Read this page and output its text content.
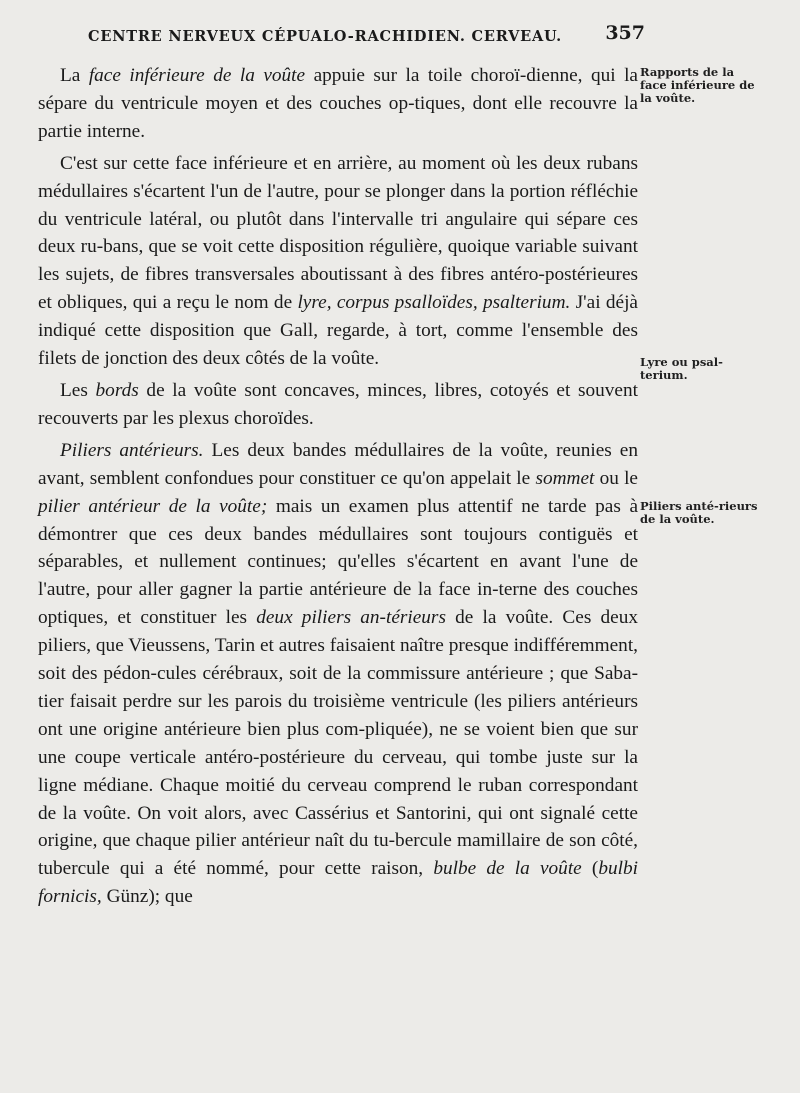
CENTRE NERVEUX CÉPUALO-RACHIDIEN. CERVEAU. 357

La face inférieure de la voûte appuie sur la toile choroï-dienne, qui la sépare du ventricule moyen et des couches op-tiques, dont elle recouvre la partie interne.

C'est sur cette face inférieure et en arrière, au moment où les deux rubans médullaires s'écartent l'un de l'autre, pour se plonger dans la portion réfléchie du ventricule latéral, ou plutôt dans l'intervalle tri angulaire qui sépare ces deux ru-bans, que se voit cette disposition régulière, quoique variable suivant les sujets, de fibres transversales aboutissant à des fibres antéro-postérieures et obliques, qui a reçu le nom de lyre, corpus psalloïdes, psalterium. J'ai déjà indiqué cette disposition que Gall, regarde, à tort, comme l'ensemble des filets de jonction des deux côtés de la voûte.

Les bords de la voûte sont concaves, minces, libres, cotoyés et souvent recouverts par les plexus choroïdes.

Piliers antérieurs. Les deux bandes médullaires de la voûte, reunies en avant, semblent confondues pour constituer ce qu'on appelait le sommet ou le pilier antérieur de la voûte; mais un examen plus attentif ne tarde pas à démontrer que ces deux bandes médullaires sont toujours contiguës et séparables, et nullement continues; qu'elles s'écartent en avant l'une de l'autre, pour aller gagner la partie antérieure de la face in-terne des couches optiques, et constituer les deux piliers an-térieurs de la voûte. Ces deux piliers, que Vieussens, Tarin et autres faisaient naître presque indifféremment, soit des pédon-cules cérébraux, soit de la commissure antérieure ; que Saba-tier faisait perdre sur les parois du troisième ventricule (les piliers antérieurs ont une origine antérieure bien plus com-pliquée), ne se voient bien que sur une coupe verticale antéro-postérieure du cerveau, qui tombe juste sur la ligne médiane. Chaque moitié du cerveau comprend le ruban correspondant de la voûte. On voit alors, avec Cassérius et Santorini, qui ont signalé cette origine, que chaque pilier antérieur naît du tu-bercule mamillaire de son côté, tubercule qui a été nommé, pour cette raison, bulbe de la voûte (bulbi fornicis, Günz); que

Rapports de la face inférieure de la voûte.
Lyre ou psal-terium.
Piliers anté-rieurs de la voûte.
